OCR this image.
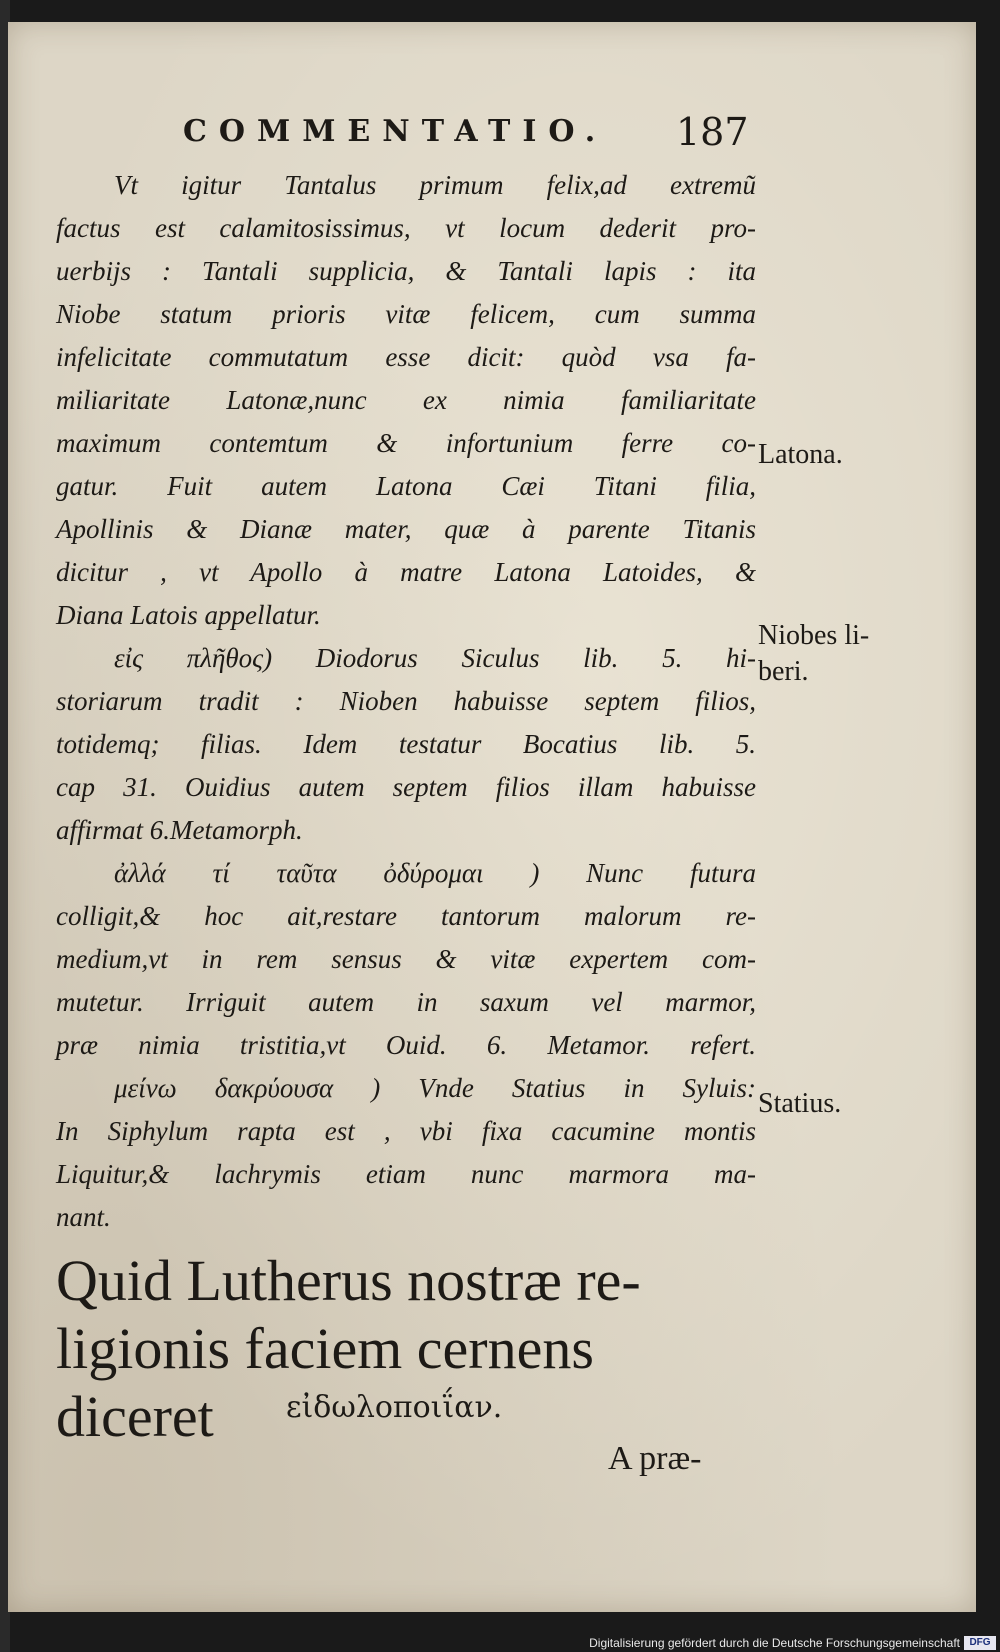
COMMENTATIO. 187
Vt igitur Tantalus primum felix,ad extremũ
factus est calamitosissimus, vt locum dederit pro-
uerbijs : Tantali supplicia, & Tantali lapis : ita
Niobe statum prioris vitæ felicem, cum summa
infelicitate commutatum esse dicit: quòd vsa fa-
miliaritate Latonæ,nunc ex nimia familiaritate
maximum contemtum & infortunium ferre co-
gatur. Fuit autem Latona Cæi Titani filia,
Apollinis & Dianæ mater, quæ à parente Titanis
dicitur , vt Apollo à matre Latona Latoides, &
Diana Latois appellatur.
εἰς πλῆθος) Diodorus Siculus lib. 5. hi-
storiarum tradit : Nioben habuisse septem filios,
totidemq; filias. Idem testatur Bocatius lib. 5.
cap 31. Ouidius autem septem filios illam habuisse
affirmat 6.Metamorph.
ἀλλά τί ταῦτα ὀδύρομαι ) Nunc futura
colligit,& hoc ait,restare tantorum malorum re-
medium,vt in rem sensus & vitæ expertem com-
mutetur. Irriguit autem in saxum vel marmor,
præ nimia tristitia,vt Ouid. 6. Metamor. refert.
μείνω δακρύουσα ) Vnde Statius in Syluis:
In Siphylum rapta est , vbi fixa cacumine montis
Liquitur,& lachrymis etiam nunc marmora ma-
nant.
Quid Lutherus nostræ re-
ligionis faciem cernens diceret	εἰδωλοποιΐαν.
A præ-
Latona.
Niobes li-
beri.
Statius.
Digitalisierung gefördert durch die Deutsche Forschungsgemeinschaft DFG
